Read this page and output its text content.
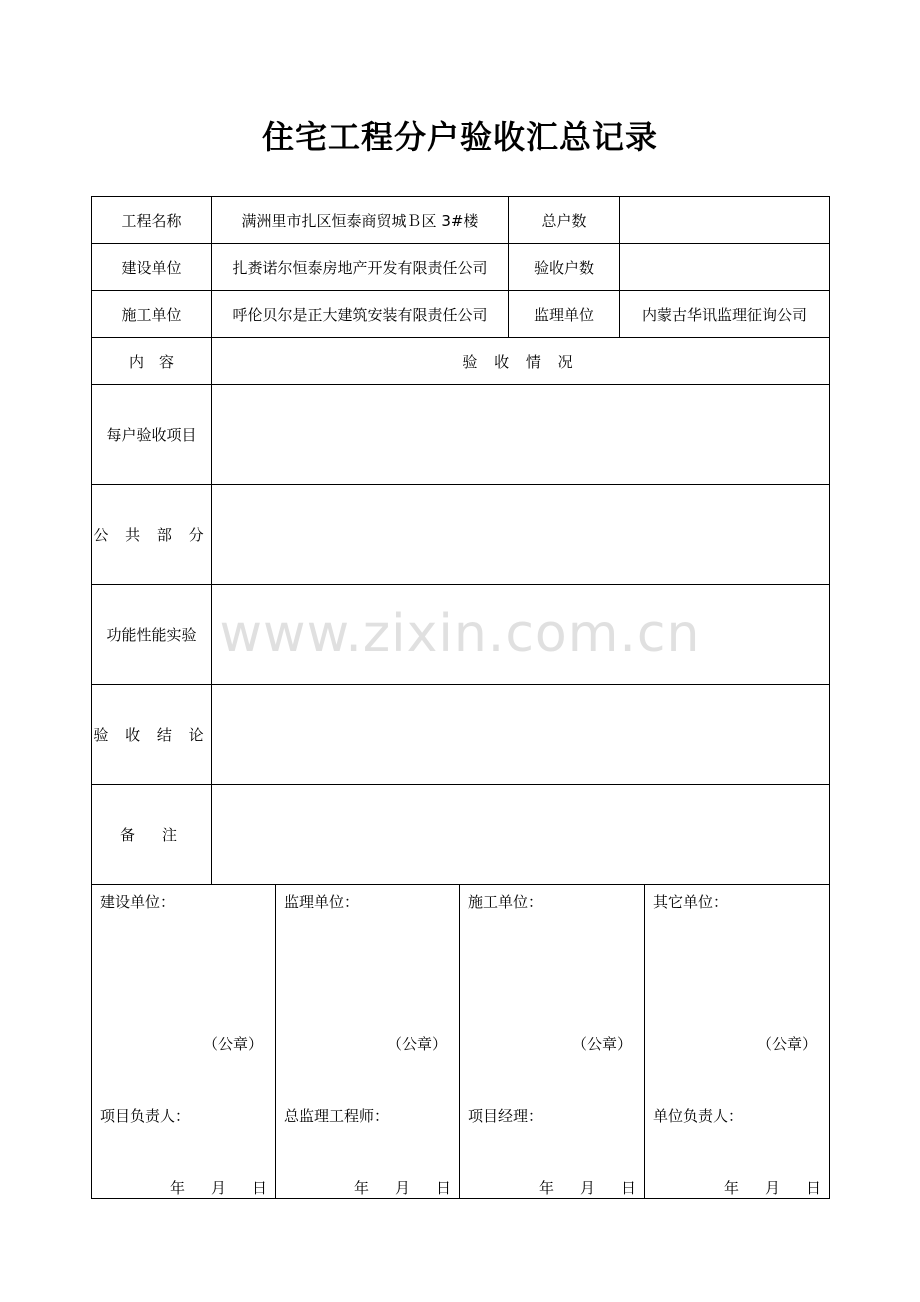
住宅工程分户验收汇总记录
工程名称	满洲里市扎区恒泰商贸城Ｂ区 3#楼	总户数	
建设单位	扎赉诺尔恒泰房地产开发有限责任公司	验收户数	
施工单位	呼伦贝尔是正大建筑安装有限责任公司	监理单位	内蒙古华讯监理征询公司
内　容	验 收 情 况		
每户验收项目			
公 共 部 分			
功能性能实验			
验 收 结 论			
备　注			
建设单位：
（公章）
项目负责人：
年 月 日

监理单位：
（公章）
总监理工程师：
年 月 日

施工单位：
（公章）
项目经理：
年 月 日

其它单位：
（公章）
单位负责人：
年 月 日
www.zixin.com.cn
